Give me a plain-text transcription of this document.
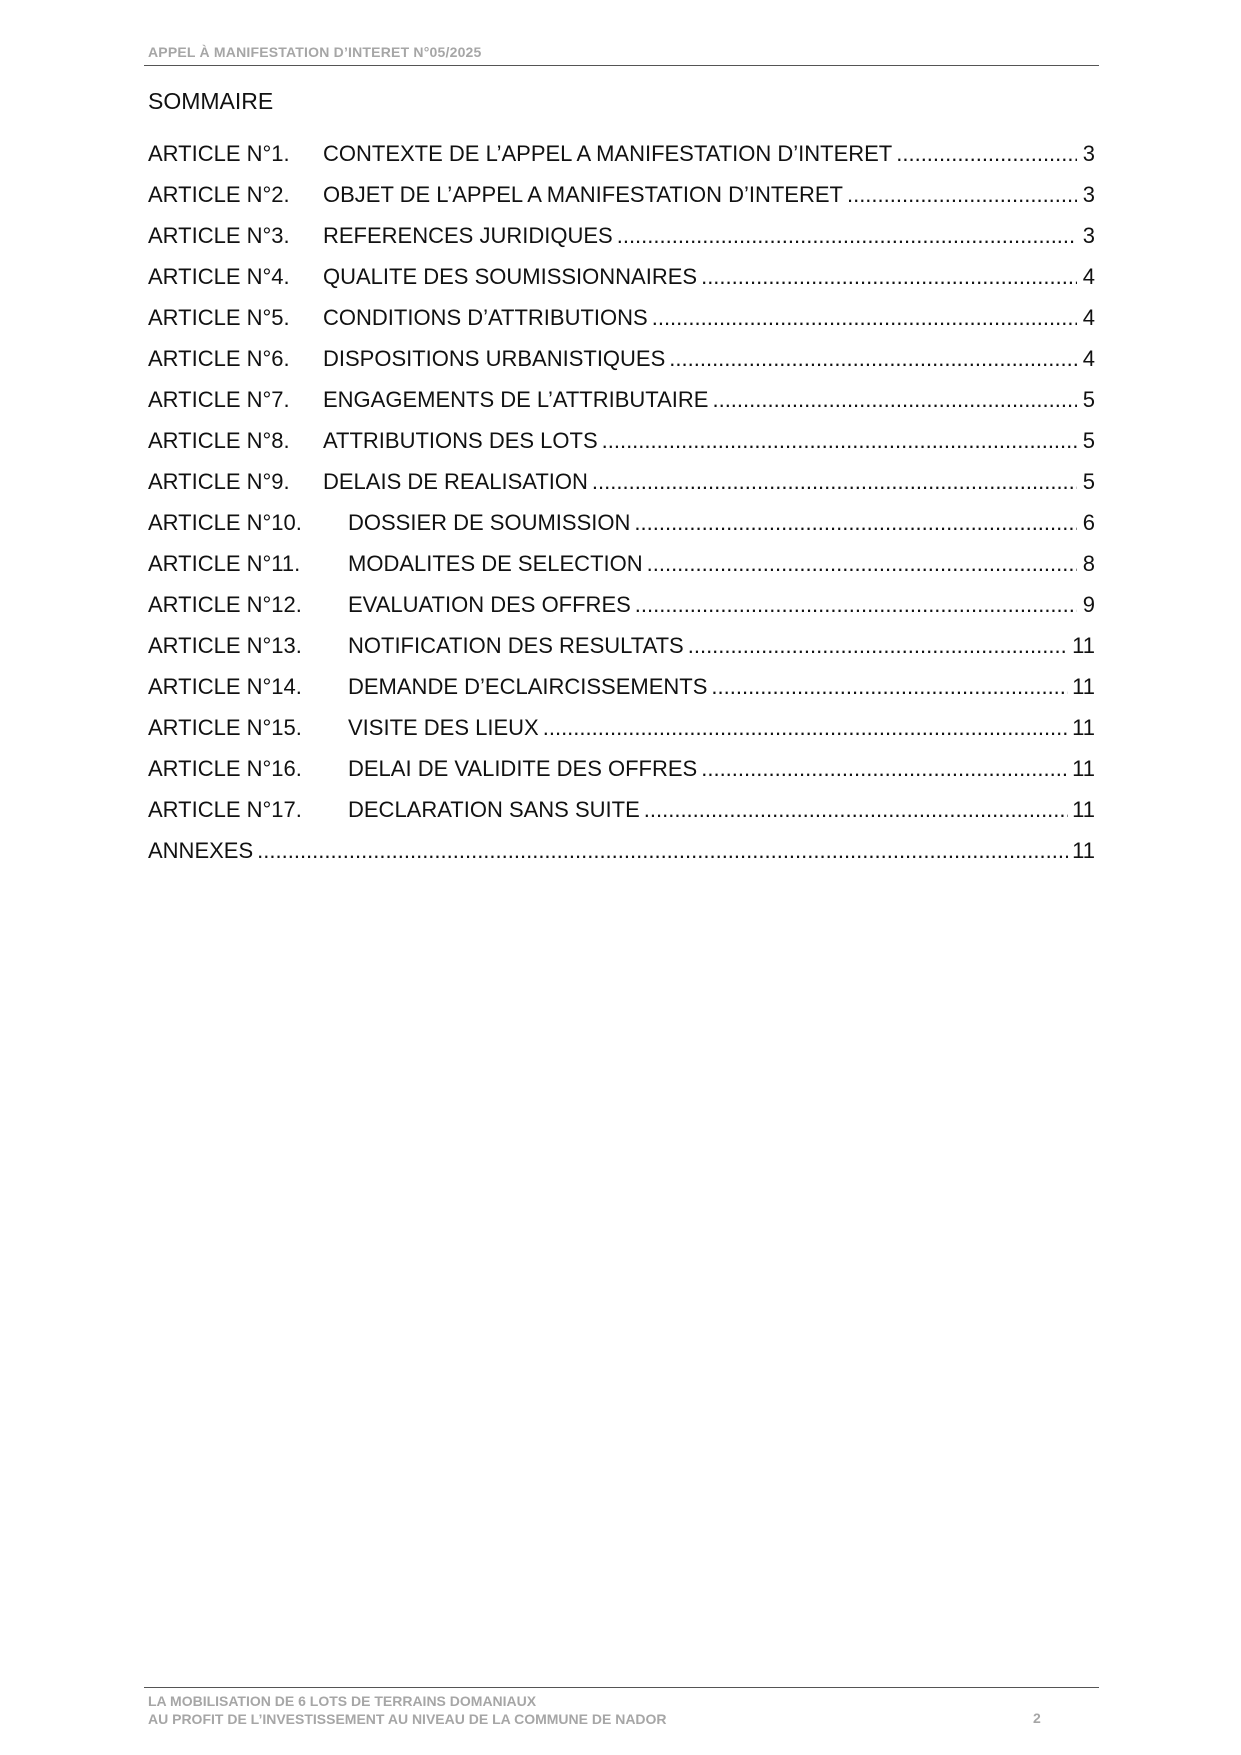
APPEL À MANIFESTATION D’INTERET N°05/2025
SOMMAIRE
ARTICLE N°1.	CONTEXTE DE L’APPEL A MANIFESTATION D’INTERET .....	3
ARTICLE N°2.	OBJET DE L’APPEL A MANIFESTATION D’INTERET .....	3
ARTICLE N°3.	REFERENCES JURIDIQUES .....	3
ARTICLE N°4.	QUALITE DES SOUMISSIONNAIRES .....	4
ARTICLE N°5.	CONDITIONS D’ATTRIBUTIONS .....	4
ARTICLE N°6.	DISPOSITIONS URBANISTIQUES .....	4
ARTICLE N°7.	ENGAGEMENTS DE L’ATTRIBUTAIRE .....	5
ARTICLE N°8.	ATTRIBUTIONS DES LOTS .....	5
ARTICLE N°9.	DELAIS DE REALISATION .....	5
ARTICLE N°10.	DOSSIER DE SOUMISSION .....	6
ARTICLE N°11.	MODALITES DE SELECTION .....	8
ARTICLE N°12.	EVALUATION DES OFFRES .....	9
ARTICLE N°13.	NOTIFICATION DES RESULTATS .....	11
ARTICLE N°14.	DEMANDE D’ECLAIRCISSEMENTS .....	11
ARTICLE N°15.	VISITE DES LIEUX .....	11
ARTICLE N°16.	DELAI DE VALIDITE DES OFFRES .....	11
ARTICLE N°17.	DECLARATION SANS SUITE .....	11
ANNEXES .....	11
LA MOBILISATION DE 6 LOTS DE TERRAINS DOMANIAUX
AU PROFIT DE L’INVESTISSEMENT AU NIVEAU DE LA COMMUNE DE NADOR	2
